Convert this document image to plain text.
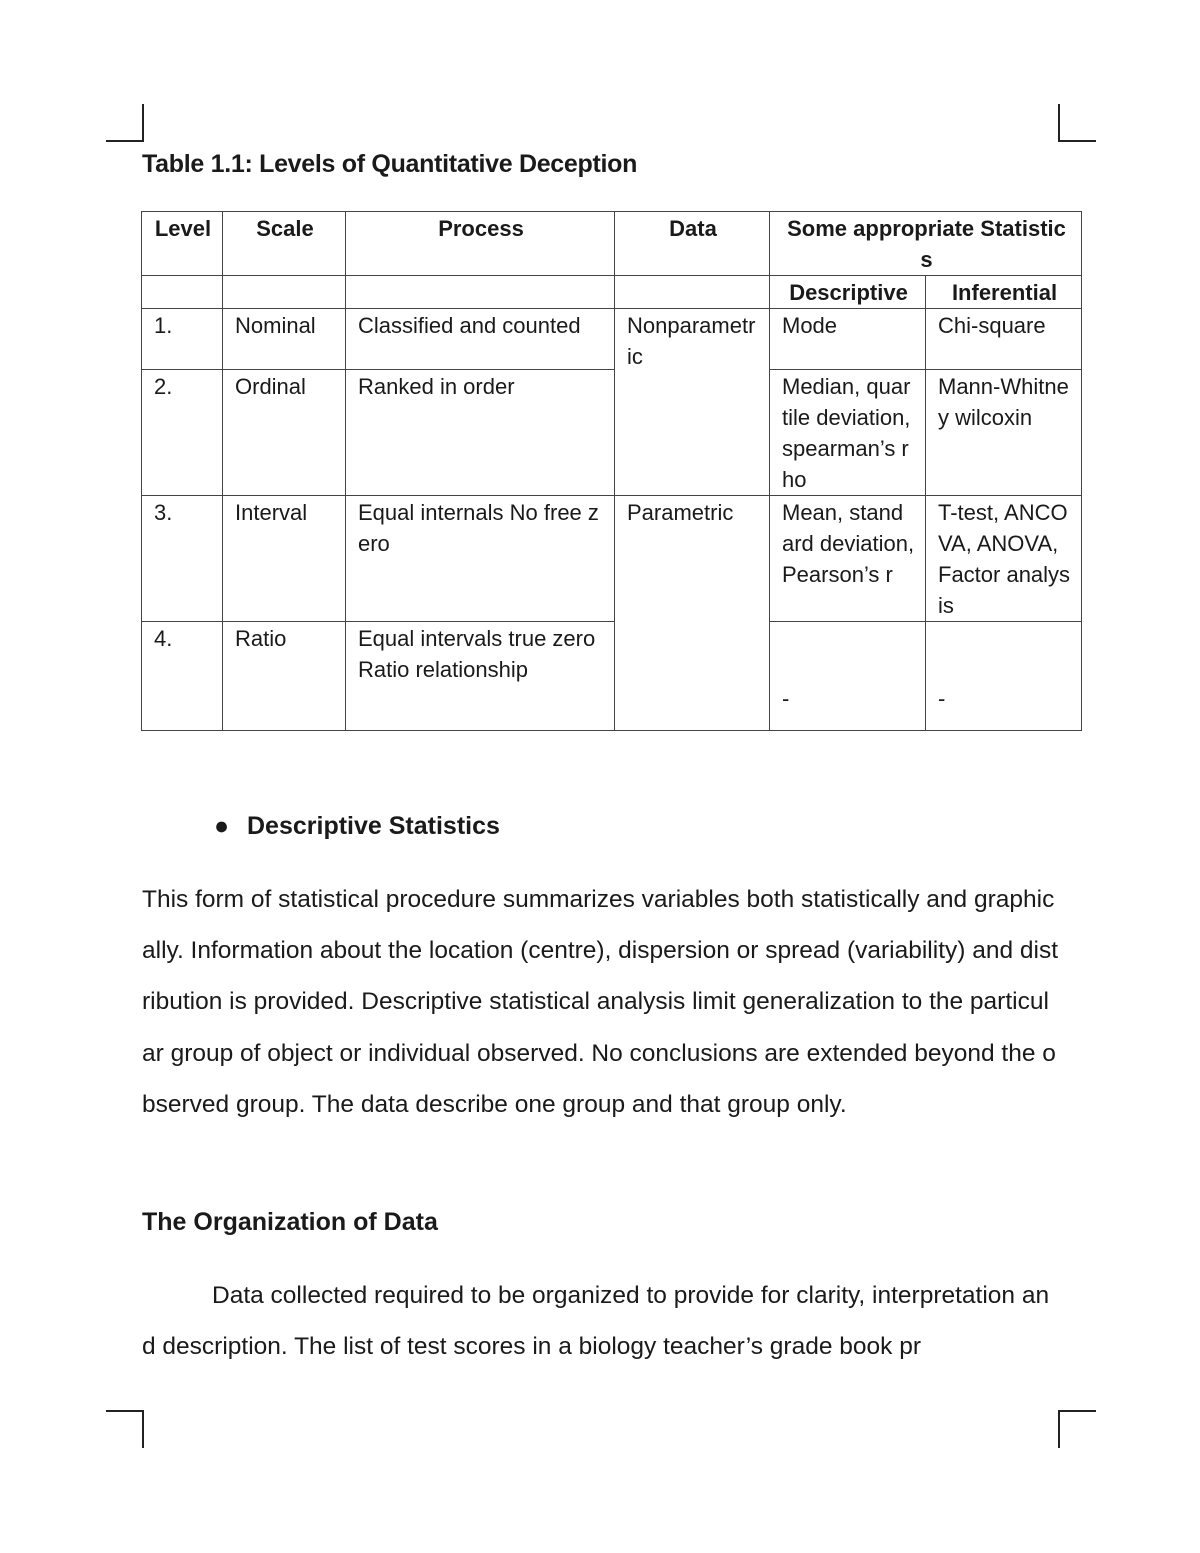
Table 1.1: Levels of Quantitative Deception
Level	Scale	Process	Data	Some appropriate Statistics	
				Descriptive	Inferential
1.	Nominal	Classified and counted	Nonparametric	Mode	Chi-square
2.	Ordinal	Ranked in order		Median, quartile deviation, spearman’s rho	Mann-Whitney wilcoxin
3.	Interval	Equal internals No free zero	Parametric	Mean, standard deviation, Pearson’s r	T-test, ANCOVA, ANOVA, Factor analysis
4.	Ratio	Equal intervals true zero Ratio relationship		-	-

● Descriptive Statistics

This form of statistical procedure summarizes variables both statistically and graphically. Information about the location (centre), dispersion or spread (variability) and distribution is provided. Descriptive statistical analysis limit generalization to the particular group of object or individual observed. No conclusions are extended beyond the observed group. The data describe one group and that group only.

The Organization of Data

Data collected required to be organized to provide for clarity, interpretation and description. The list of test scores in a biology teacher’s grade book pr
